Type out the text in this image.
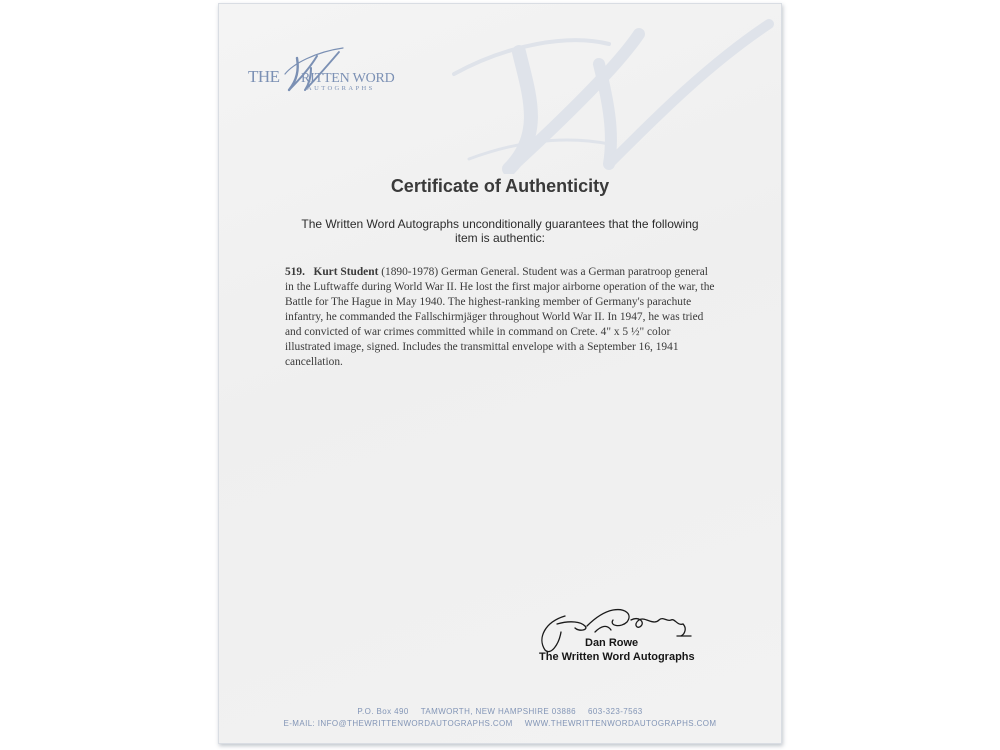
THE RITTEN WORD
AUTOGRAPHS
Certificate of Authenticity

The Written Word Autographs unconditionally guarantees that the following item is authentic:

519. Kurt Student (1890-1978) German General. Student was a German paratroop general in the Luftwaffe during World War II. He lost the first major airborne operation of the war, the Battle for The Hague in May 1940. The highest-ranking member of Germany's parachute infantry, he commanded the Fallschirmjäger throughout World War II. In 1947, he was tried and convicted of war crimes committed while in command on Crete. 4" x 5 ½" color illustrated image, signed. Includes the transmittal envelope with a September 16, 1941 cancellation.

Dan Rowe
The Written Word Autographs
P.O. Box 490 TAMWORTH, NEW HAMPSHIRE 03886 603-323-7563
E-MAIL: INFO@THEWRITTENWORDAUTOGRAPHS.COM WWW.THEWRITTENWORDAUTOGRAPHS.COM
